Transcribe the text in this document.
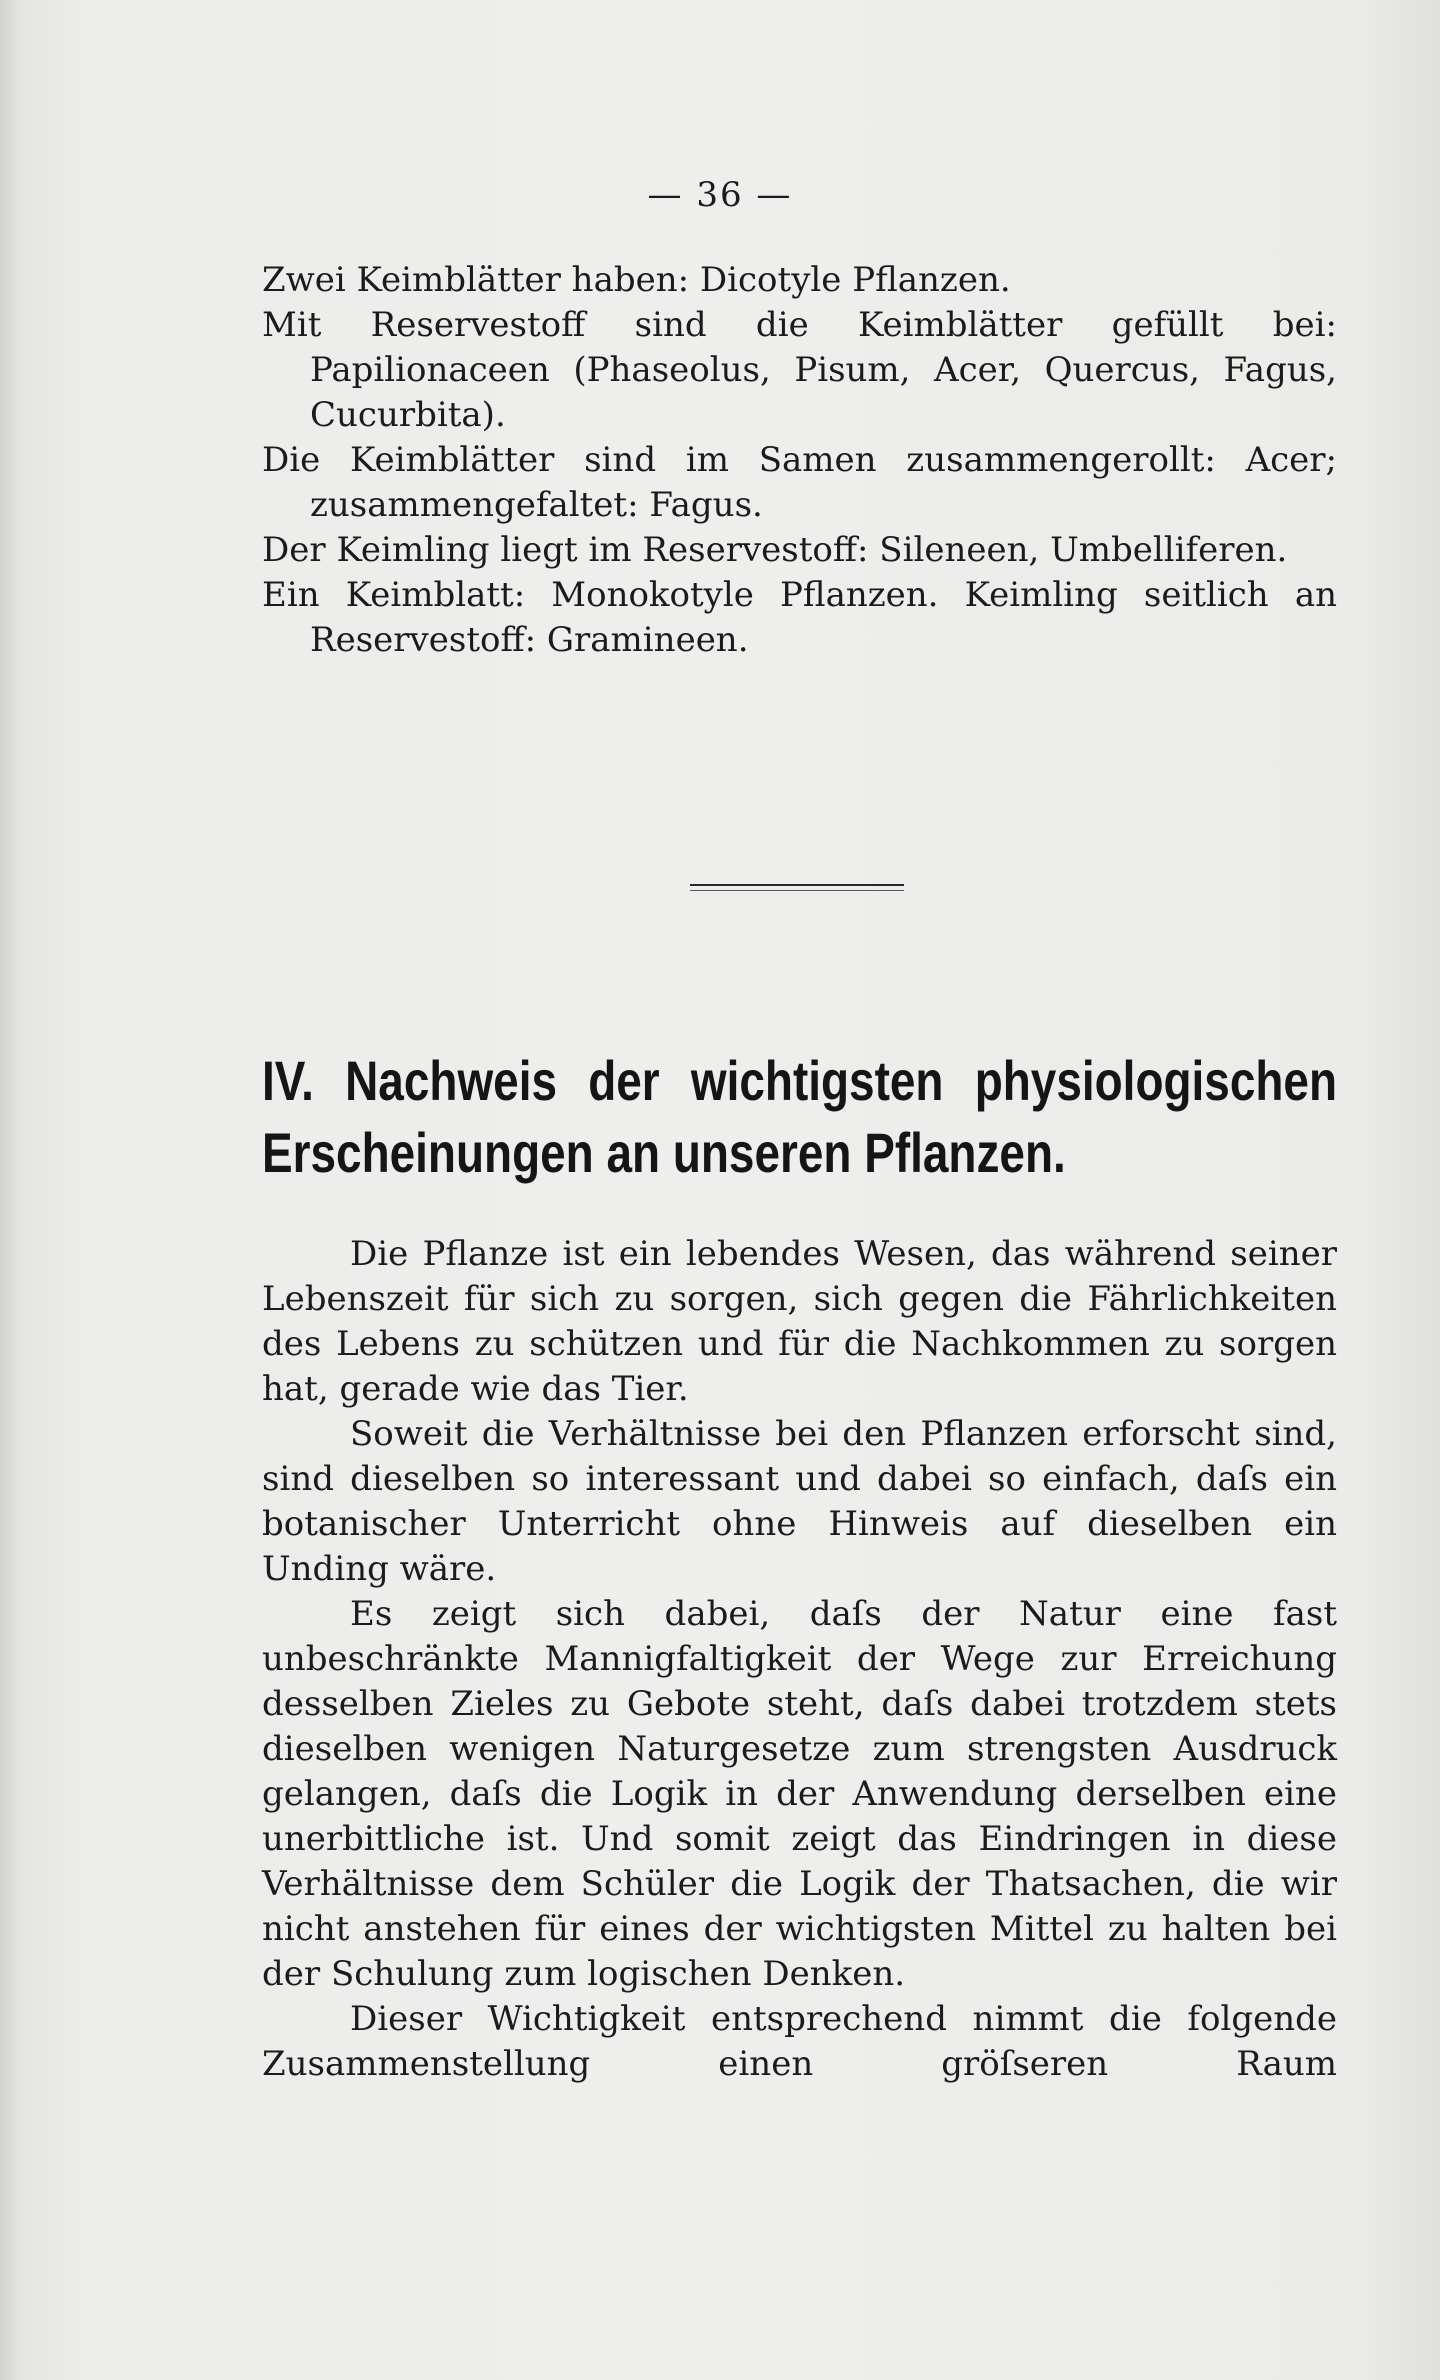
— 36 —

Zwei Keimblätter haben: Dicotyle Pflanzen.

Mit Reservestoff sind die Keimblätter gefüllt bei: Papilionaceen (Phaseolus, Pisum, Acer, Quercus, Fagus, Cucurbita).

Die Keimblätter sind im Samen zusammengerollt: Acer; zusammengefaltet: Fagus.

Der Keimling liegt im Reservestoff: Sileneen, Umbelliferen.

Ein Keimblatt: Monokotyle Pflanzen. Keimling seitlich an Reservestoff: Gramineen.

IV. Nachweis der wichtigsten physiologischen Erscheinungen an unseren Pflanzen.

Die Pflanze ist ein lebendes Wesen, das während seiner Lebenszeit für sich zu sorgen, sich gegen die Fährlichkeiten des Lebens zu schützen und für die Nachkommen zu sorgen hat, gerade wie das Tier.

Soweit die Verhältnisse bei den Pflanzen erforscht sind, sind dieselben so interessant und dabei so einfach, daſs ein botanischer Unterricht ohne Hinweis auf dieselben ein Unding wäre.

Es zeigt sich dabei, daſs der Natur eine fast unbeschränkte Mannigfaltigkeit der Wege zur Erreichung desselben Zieles zu Gebote steht, daſs dabei trotzdem stets dieselben wenigen Naturgesetze zum strengsten Ausdruck gelangen, daſs die Logik in der Anwendung derselben eine unerbittliche ist. Und somit zeigt das Eindringen in diese Verhältnisse dem Schüler die Logik der Thatsachen, die wir nicht anstehen für eines der wichtigsten Mittel zu halten bei der Schulung zum logischen Denken.

Dieser Wichtigkeit entsprechend nimmt die folgende Zusammenstellung einen gröſseren Raum
